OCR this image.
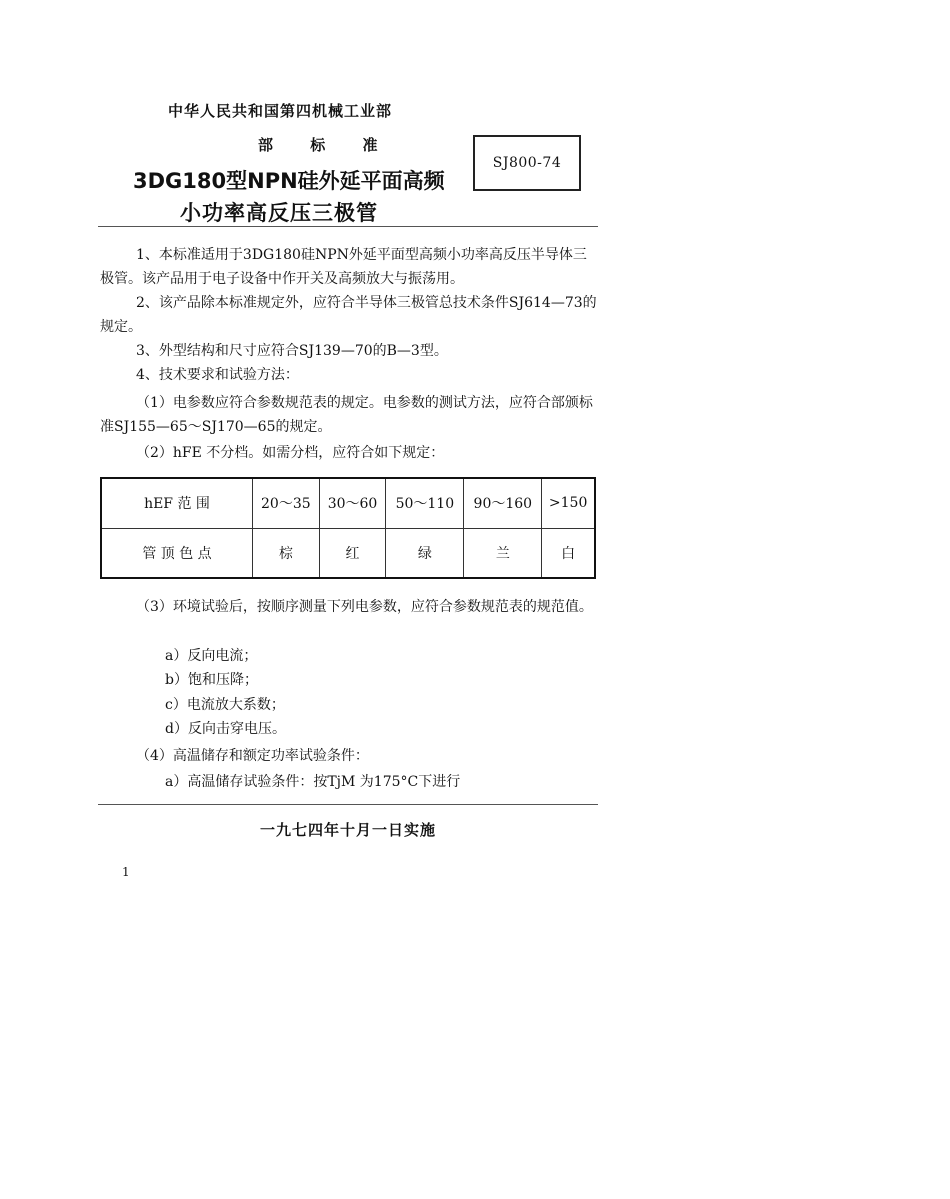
中华人民共和国第四机械工业部
部 标 准
3DG180型NPN硅外延平面高频
小功率高反压三极管
SJ800-74
1、本标准适用于3DG180硅NPN外延平面型高频小功率高反压半导体三极管。该产品用于电子设备中作开关及高频放大与振荡用。
2、该产品除本标准规定外，应符合半导体三极管总技术条件SJ614—73的规定。
3、外型结构和尺寸应符合SJ139—70的B—3型。
4、技术要求和试验方法：
（1）电参数应符合参数规范表的规定。电参数的测试方法，应符合部颁标准SJ155—65～SJ170—65的规定。
（2）hFE 不分档。如需分档，应符合如下规定：
hEF 范 围	20～35	30～60	50～110	90～160	>150
管 顶 色 点	棕	红	绿	兰	白
（3）环境试验后，按顺序测量下列电参数，应符合参数规范表的规范值。
a）反向电流；
b）饱和压降；
c）电流放大系数；
d）反向击穿电压。
（4）高温储存和额定功率试验条件：
a）高温储存试验条件：按TjM 为175°C下进行
一九七四年十月一日实施
1
